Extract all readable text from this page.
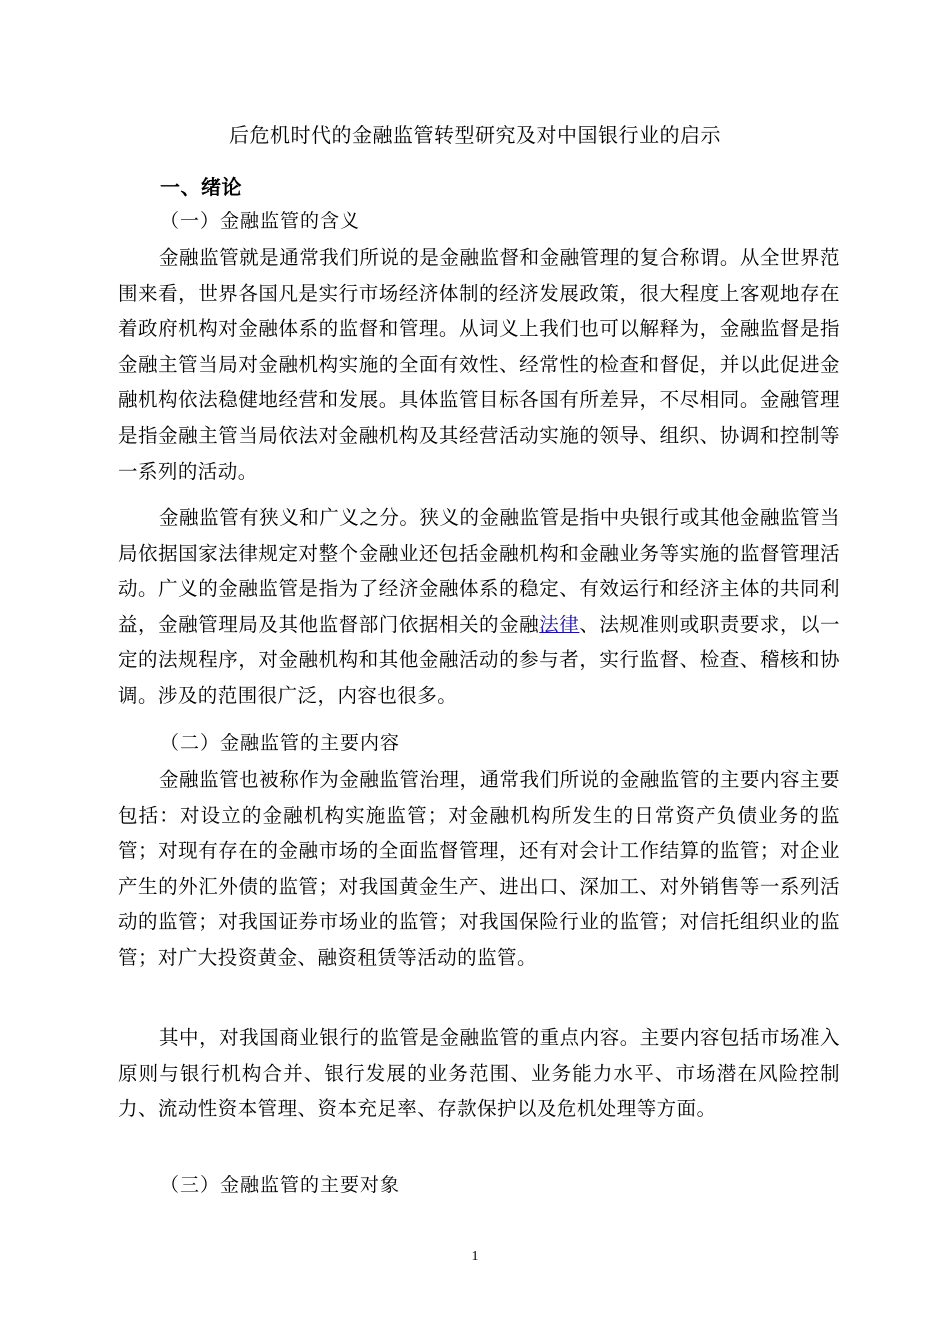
后危机时代的金融监管转型研究及对中国银行业的启示
一、绪论
（一）金融监管的含义

金融监管就是通常我们所说的是金融监督和金融管理的复合称谓。从全世界范围来看，世界各国凡是实行市场经济体制的经济发展政策，很大程度上客观地存在着政府机构对金融体系的监督和管理。从词义上我们也可以解释为，金融监督是指金融主管当局对金融机构实施的全面有效性、经常性的检查和督促，并以此促进金融机构依法稳健地经营和发展。具体监管目标各国有所差异，不尽相同。金融管理是指金融主管当局依法对金融机构及其经营活动实施的领导、组织、协调和控制等一系列的活动。

金融监管有狭义和广义之分。狭义的金融监管是指中央银行或其他金融监管当局依据国家法律规定对整个金融业还包括金融机构和金融业务等实施的监督管理活动。广义的金融监管是指为了经济金融体系的稳定、有效运行和经济主体的共同利益，金融管理局及其他监督部门依据相关的金融法律、法规准则或职责要求，以一定的法规程序，对金融机构和其他金融活动的参与者，实行监督、检查、稽核和协调。涉及的范围很广泛，内容也很多。

（二）金融监管的主要内容

金融监管也被称作为金融监管治理，通常我们所说的金融监管的主要内容主要包括：对设立的金融机构实施监管；对金融机构所发生的日常资产负债业务的监管；对现有存在的金融市场的全面监督管理，还有对会计工作结算的监管；对企业产生的外汇外债的监管；对我国黄金生产、进出口、深加工、对外销售等一系列活动的监管；对我国证券市场业的监管；对我国保险行业的监管；对信托组织业的监管；对广大投资黄金、融资租赁等活动的监管。

其中，对我国商业银行的监管是金融监管的重点内容。主要内容包括市场准入原则与银行机构合并、银行发展的业务范围、业务能力水平、市场潜在风险控制力、流动性资本管理、资本充足率、存款保护以及危机处理等方面。

（三）金融监管的主要对象
1
